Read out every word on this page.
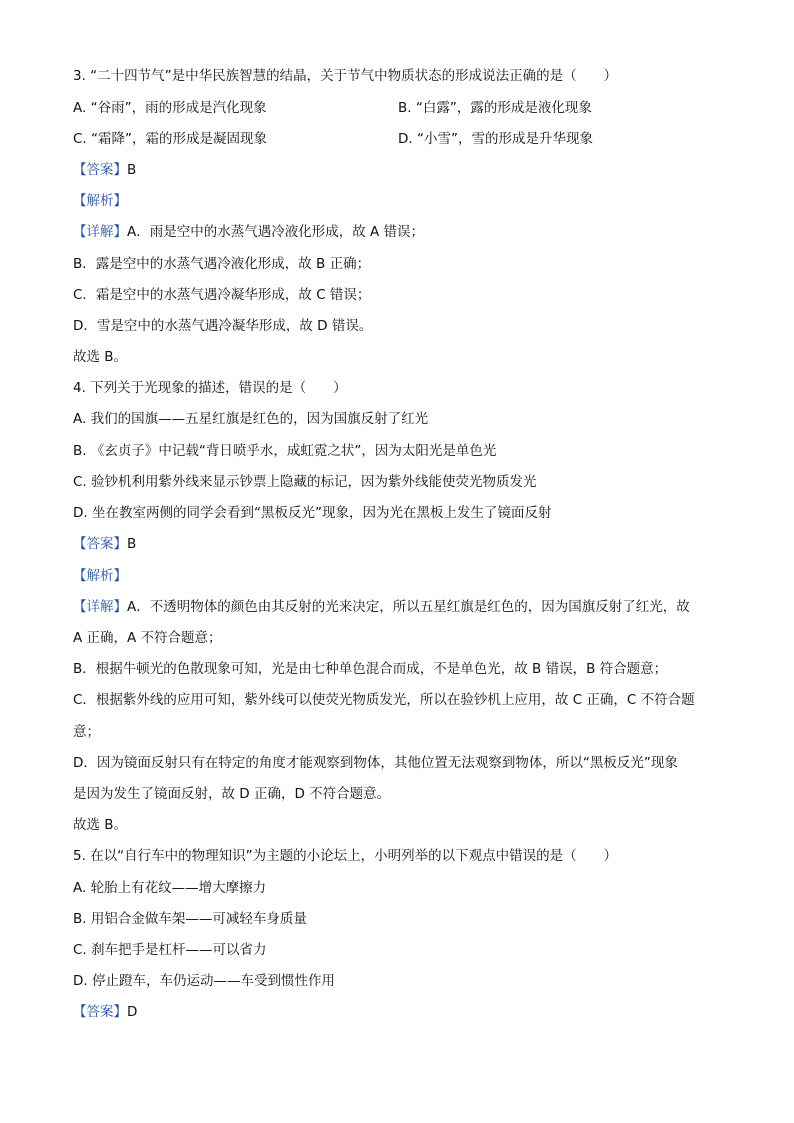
3. “二十四节气”是中华民族智慧的结晶，关于节气中物质状态的形成说法正确的是（　　）
A. “谷雨”，雨的形成是汽化现象	B. “白露”，露的形成是液化现象
C. “霜降”，霜的形成是凝固现象	D. “小雪”，雪的形成是升华现象
【答案】B
【解析】
【详解】A．雨是空中的水蒸气遇冷液化形成，故 A 错误；
B．露是空中的水蒸气遇冷液化形成，故 B 正确；
C．霜是空中的水蒸气遇冷凝华形成，故 C 错误；
D．雪是空中的水蒸气遇冷凝华形成，故 D 错误。
故选 B。
4. 下列关于光现象的描述，错误的是（　　）
A. 我们的国旗——五星红旗是红色的，因为国旗反射了红光
B. 《玄贞子》中记载“背日喷乎水，成虹霓之状”，因为太阳光是单色光
C. 验钞机利用紫外线来显示钞票上隐藏的标记，因为紫外线能使荧光物质发光
D. 坐在教室两侧的同学会看到“黑板反光”现象，因为光在黑板上发生了镜面反射
【答案】B
【解析】
【详解】A．不透明物体的颜色由其反射的光来决定，所以五星红旗是红色的，因为国旗反射了红光，故
A 正确，A 不符合题意；
B．根据牛顿光的色散现象可知，光是由七种单色混合而成，不是单色光，故 B 错误，B 符合题意；
C．根据紫外线的应用可知，紫外线可以使荧光物质发光，所以在验钞机上应用，故 C 正确，C 不符合题
意；
D．因为镜面反射只有在特定的角度才能观察到物体，其他位置无法观察到物体，所以“黑板反光”现象
是因为发生了镜面反射，故 D 正确，D 不符合题意。
故选 B。
5. 在以“自行车中的物理知识”为主题的小论坛上，小明列举的以下观点中错误的是（　　）
A. 轮胎上有花纹——增大摩擦力
B. 用铝合金做车架——可减轻车身质量
C. 刹车把手是杠杆——可以省力
D. 停止蹬车，车仍运动——车受到惯性作用
【答案】D
